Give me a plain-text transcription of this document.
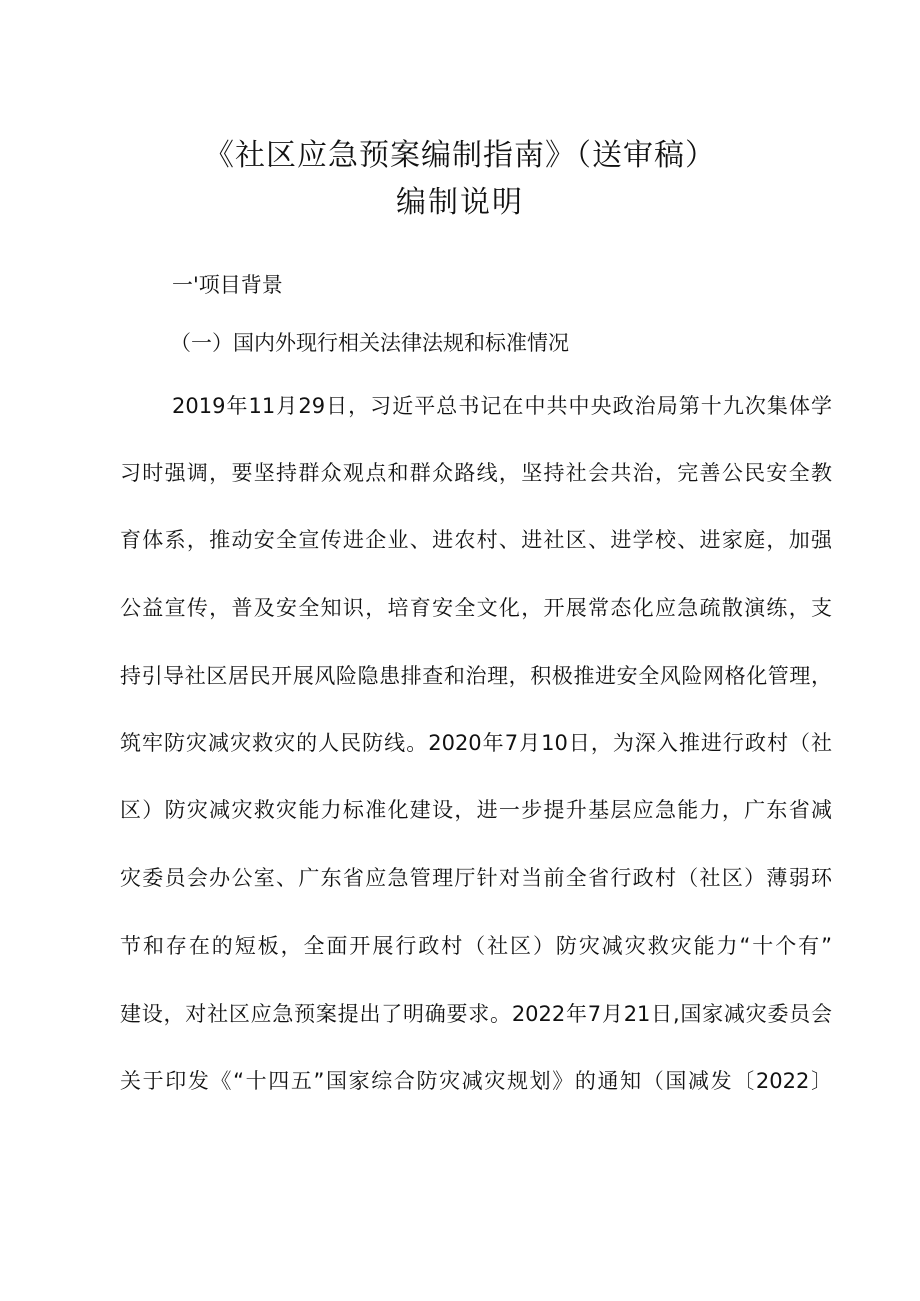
《社区应急预案编制指南》（送审稿）
编制说明
一'项目背景
（一）国内外现行相关法律法规和标准情况
2019年11月29日，习近平总书记在中共中央政治局第十九次集体学
习时强调，要坚持群众观点和群众路线，坚持社会共治，完善公民安全教
育体系，推动安全宣传进企业、进农村、进社区、进学校、进家庭，加强
公益宣传，普及安全知识，培育安全文化，开展常态化应急疏散演练，支
持引导社区居民开展风险隐患排查和治理，积极推进安全风险网格化管理，
筑牢防灾减灾救灾的人民防线。2020年7月10日，为深入推进行政村（社
区）防灾减灾救灾能力标准化建设，进一步提升基层应急能力，广东省减
灾委员会办公室、广东省应急管理厅针对当前全省行政村（社区）薄弱环
节和存在的短板，全面开展行政村（社区）防灾减灾救灾能力“十个有”
建设，对社区应急预案提出了明确要求。2022年7月21日,国家减灾委员会
关于印发《“十四五”国家综合防灾减灾规划》的通知（国减发〔2022〕
